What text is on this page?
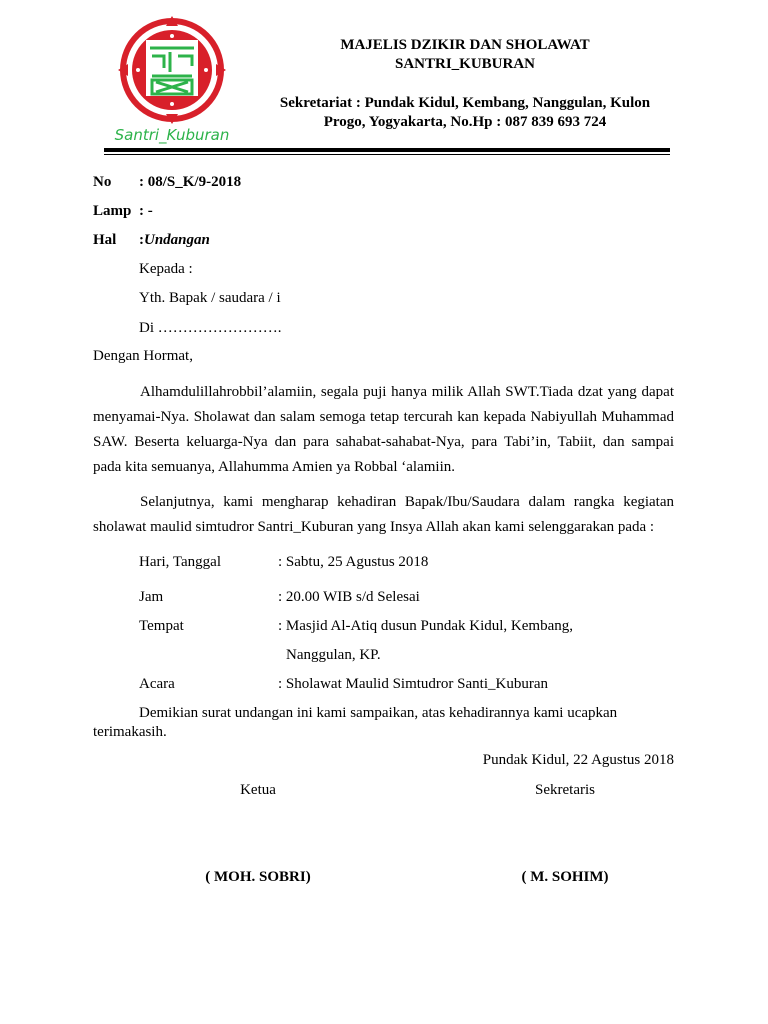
Santri_Kuburan
MAJELIS DZIKIR DAN SHOLAWAT
SANTRI_KUBURAN
Sekretariat : Pundak Kidul, Kembang, Nanggulan, Kulon
Progo, Yogyakarta, No.Hp : 087 839 693 724
No : 08/S_K/9-2018
Lamp : -
Hal :Undangan
Kepada :
Yth. Bapak / saudara / i
Di …………………….
Dengan Hormat,
Alhamdulillahrobbil’alamiin, segala puji hanya milik Allah SWT.Tiada dzat yang dapat menyamai-Nya. Sholawat dan salam semoga tetap tercurah kan kepada Nabiyullah Muhammad SAW. Beserta keluarga-Nya dan para sahabat-sahabat-Nya, para Tabi’in, Tabiit, dan sampai pada kita semuanya, Allahumma Amien ya Robbal ‘alamiin.
Selanjutnya, kami mengharap kehadiran Bapak/Ibu/Saudara dalam rangka kegiatan sholawat maulid simtudror Santri_Kuburan yang Insya Allah akan kami selenggarakan pada :
Hari, Tanggal	: Sabtu, 25 Agustus 2018
Jam	: 20.00 WIB s/d Selesai
Tempat	: Masjid Al-Atiq dusun Pundak Kidul, Kembang,
Nanggulan, KP.
Acara	: Sholawat Maulid Simtudror Santi_Kuburan
Demikian surat undangan ini kami sampaikan, atas kehadirannya kami ucapkan
terimakasih.
Pundak Kidul, 22 Agustus 2018
Ketua	Sekretaris
( MOH. SOBRI)	( M. SOHIM)
